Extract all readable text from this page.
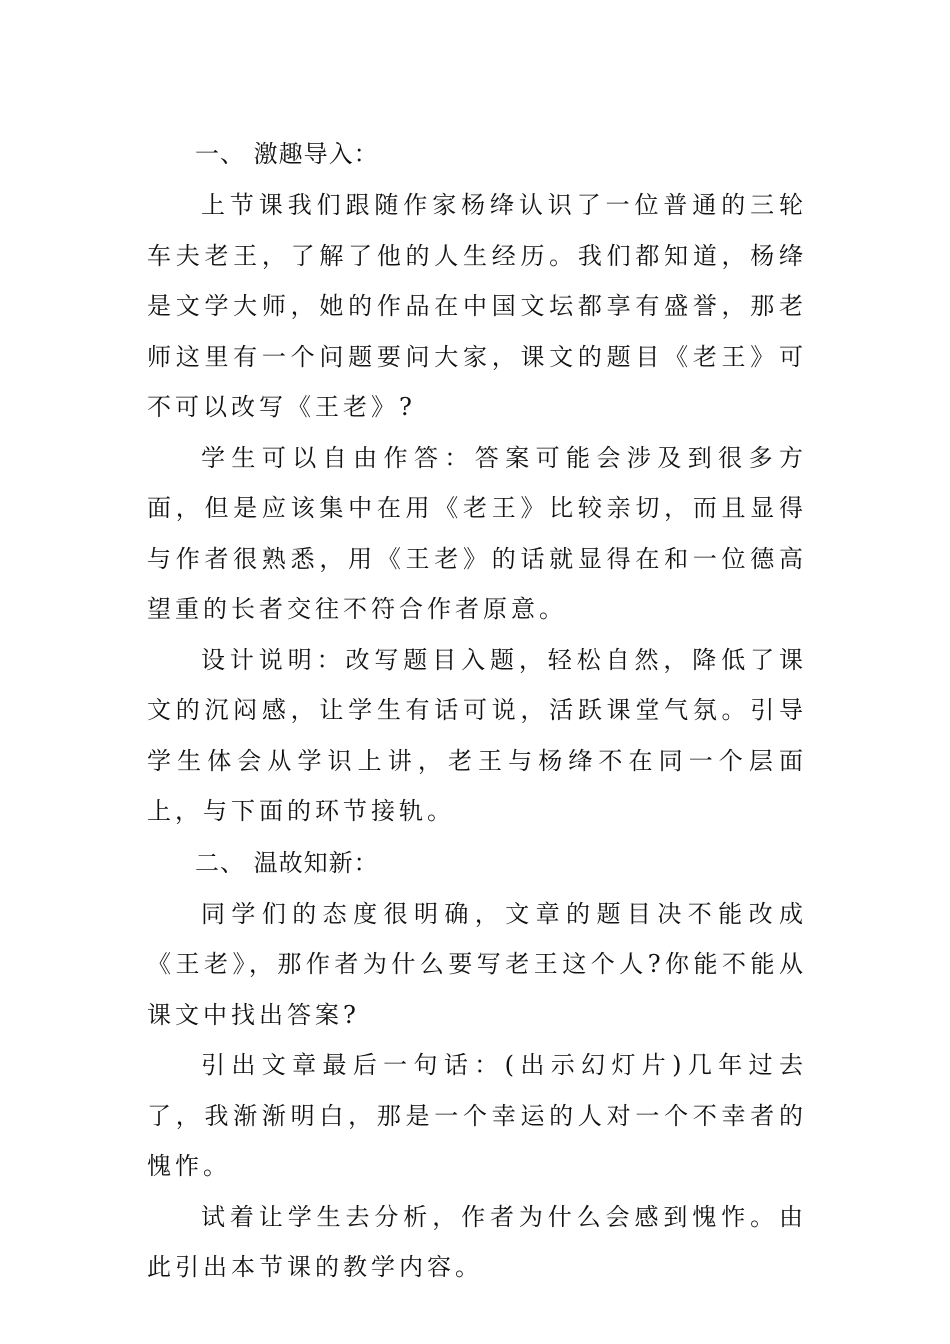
一、 激趣导入：

上节课我们跟随作家杨绛认识了一位普通的三轮车夫老王，了解了他的人生经历。我们都知道，杨绛是文学大师，她的作品在中国文坛都享有盛誉，那老师这里有一个问题要问大家，课文的题目《老王》可不可以改写《王老》?

学生可以自由作答：答案可能会涉及到很多方面，但是应该集中在用《老王》比较亲切，而且显得与作者很熟悉，用《王老》的话就显得在和一位德高望重的长者交往不符合作者原意。

设计说明：改写题目入题，轻松自然，降低了课文的沉闷感，让学生有话可说，活跃课堂气氛。引导学生体会从学识上讲，老王与杨绛不在同一个层面上，与下面的环节接轨。

二、 温故知新：

同学们的态度很明确，文章的题目决不能改成《王老》，那作者为什么要写老王这个人?你能不能从课文中找出答案?

引出文章最后一句话：(出示幻灯片)几年过去了，我渐渐明白，那是一个幸运的人对一个不幸者的愧怍。

试着让学生去分析，作者为什么会感到愧怍。由此引出本节课的教学内容。
